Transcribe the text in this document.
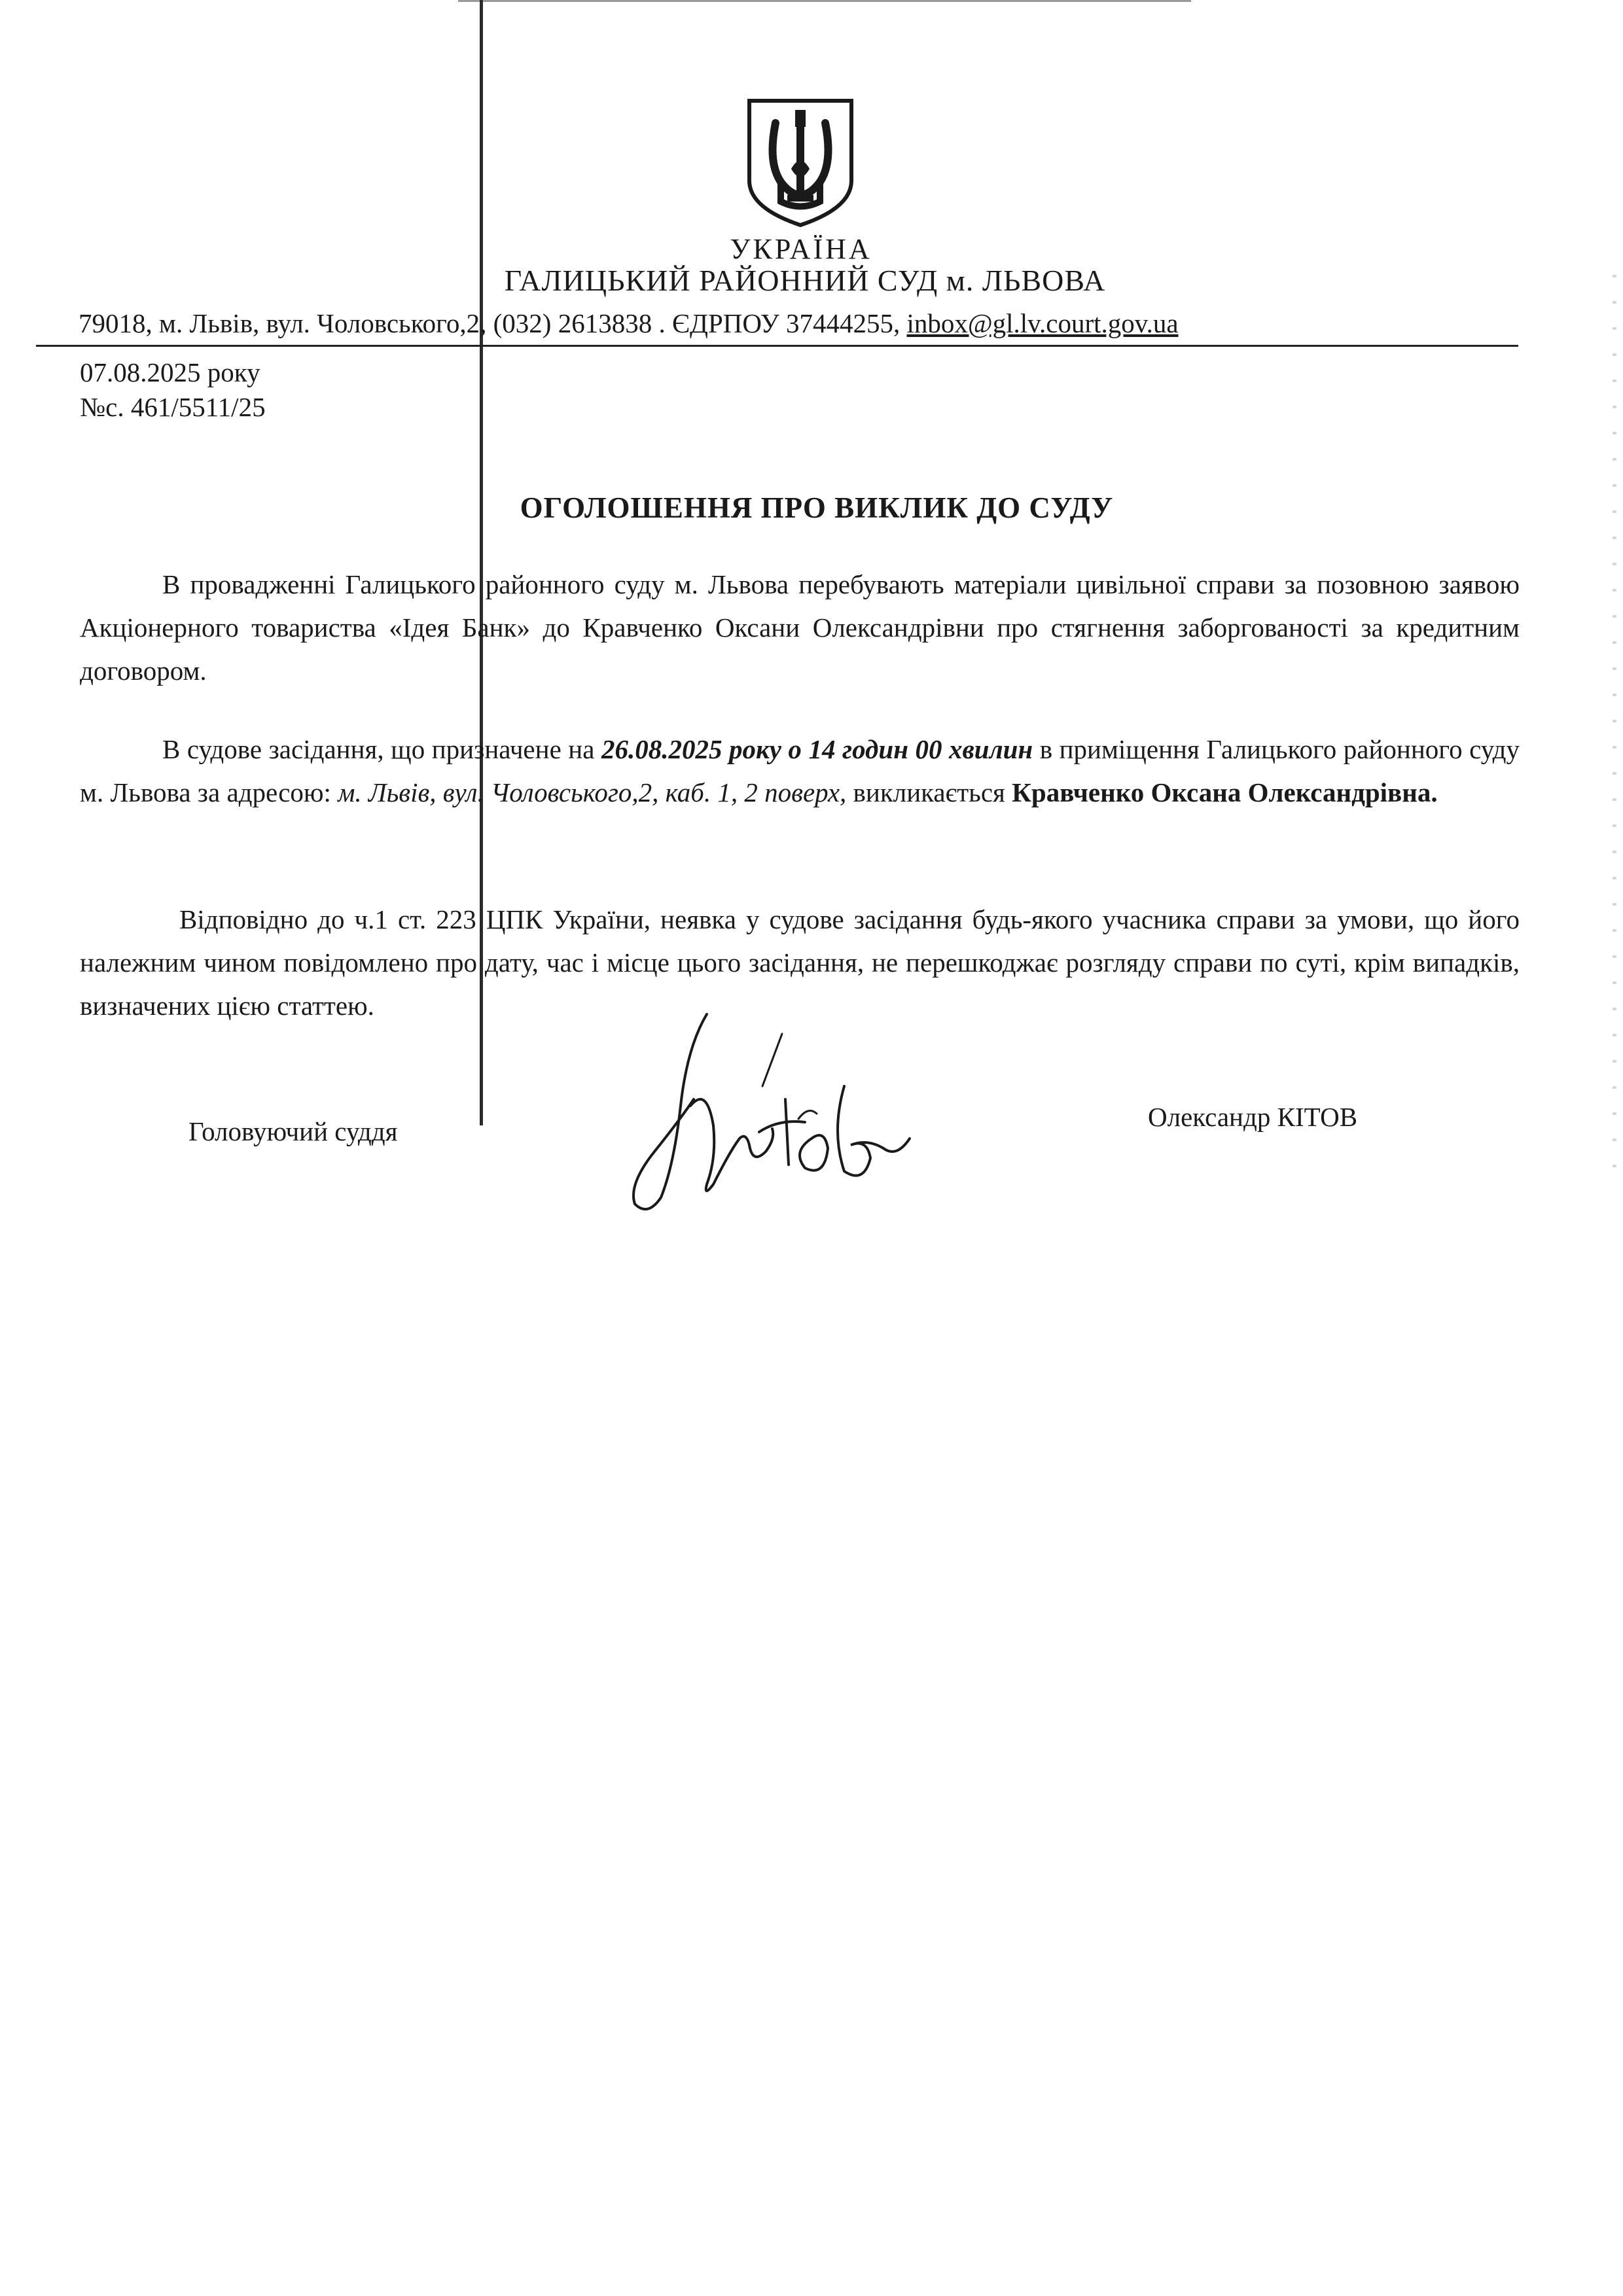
УКРАЇНА
ГАЛИЦЬКИЙ РАЙОННИЙ СУД м. ЛЬВОВА
79018, м. Львів, вул. Чоловського,2, (032) 2613838 . ЄДРПОУ 37444255, inbox@gl.lv.court.gov.ua
07.08.2025 року
№с. 461/5511/25
ОГОЛОШЕННЯ ПРО ВИКЛИК ДО СУДУ
В провадженні Галицького районного суду м. Львова перебувають матеріали цивільної справи за позовною заявою Акціонерного товариства «Ідея Банк» до Кравченко Оксани Олександрівни про стягнення заборгованості за кредитним договором.
В судове засідання, що призначене на 26.08.2025 року о 14 годин 00 хвилин в приміщення Галицького районного суду м. Львова за адресою: м. Львів, вул. Чоловського,2, каб. 1, 2 поверх, викликається Кравченко Оксана Олександрівна.
Відповідно до ч.1 ст. 223 ЦПК України, неявка у судове засідання будь-якого учасника справи за умови, що його належним чином повідомлено про дату, час і місце цього засідання, не перешкоджає розгляду справи по суті, крім випадків, визначених цією статтею.
Головуючий суддя	Олександр КІТОВ
